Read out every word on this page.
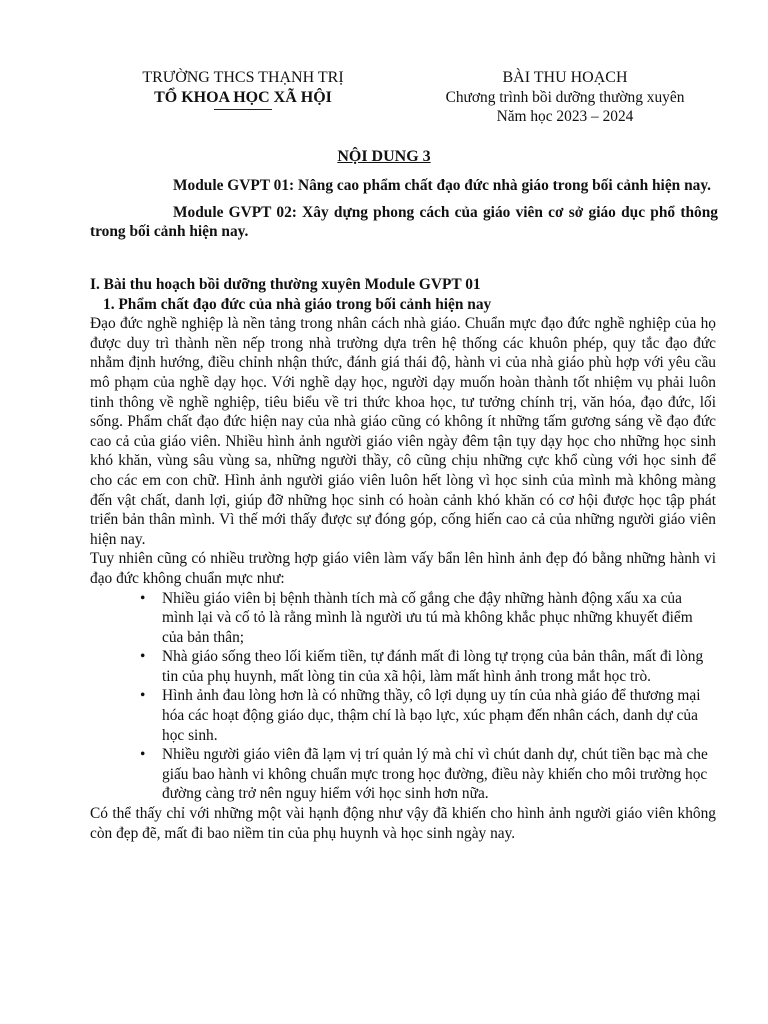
TRƯỜNG THCS THẠNH TRỊ
TỔ KHOA HỌC XÃ HỘI
BÀI THU HOẠCH
Chương trình bồi dưỡng thường xuyên
Năm học 2023 – 2024
NỘI DUNG 3

Module GVPT 01: Nâng cao phẩm chất đạo đức nhà giáo trong bối cảnh hiện nay.

Module GVPT 02: Xây dựng phong cách của giáo viên cơ sở giáo dục phổ thông trong bối cảnh hiện nay.

I. Bài thu hoạch bồi dưỡng thường xuyên Module GVPT 01
1. Phẩm chất đạo đức của nhà giáo trong bối cảnh hiện nay

Đạo đức nghề nghiệp là nền tảng trong nhân cách nhà giáo. Chuẩn mực đạo đức nghề nghiệp của họ được duy trì thành nền nếp trong nhà trường dựa trên hệ thống các khuôn phép, quy tắc đạo đức nhằm định hướng, điều chỉnh nhận thức, đánh giá thái độ, hành vi của nhà giáo phù hợp với yêu cầu mô phạm của nghề dạy học. Với nghề dạy học, người dạy muốn hoàn thành tốt nhiệm vụ phải luôn tinh thông về nghề nghiệp, tiêu biểu về tri thức khoa học, tư tưởng chính trị, văn hóa, đạo đức, lối sống. Phẩm chất đạo đức hiện nay của nhà giáo cũng có không ít những tấm gương sáng về đạo đức cao cả của giáo viên. Nhiều hình ảnh người giáo viên ngày đêm tận tụy dạy học cho những học sinh khó khăn, vùng sâu vùng sa, những người thầy, cô cũng chịu những cực khổ cùng với học sinh để cho các em con chữ. Hình ảnh người giáo viên luôn hết lòng vì học sinh của mình mà không màng đến vật chất, danh lợi, giúp đỡ những học sinh có hoàn cảnh khó khăn có cơ hội được học tập phát triển bản thân mình. Vì thế mới thấy được sự đóng góp, cống hiến cao cả của những người giáo viên hiện nay.

Tuy nhiên cũng có nhiều trường hợp giáo viên làm vấy bẩn lên hình ảnh đẹp đó bằng những hành vi đạo đức không chuẩn mực như:

• Nhiều giáo viên bị bệnh thành tích mà cố gắng che đậy những hành động xấu xa của mình lại và cố tỏ là rằng mình là người ưu tú mà không khắc phục những khuyết điểm của bản thân;
• Nhà giáo sống theo lối kiếm tiền, tự đánh mất đi lòng tự trọng của bản thân, mất đi lòng tin của phụ huynh, mất lòng tin của xã hội, làm mất hình ảnh trong mắt học trò.
• Hình ảnh đau lòng hơn là có những thầy, cô lợi dụng uy tín của nhà giáo để thương mại hóa các hoạt động giáo dục, thậm chí là bạo lực, xúc phạm đến nhân cách, danh dự của học sinh.
• Nhiều người giáo viên đã lạm vị trí quản lý mà chỉ vì chút danh dự, chút tiền bạc mà che giấu bao hành vi không chuẩn mực trong học đường, điều này khiến cho môi trường học đường càng trở nên nguy hiểm với học sinh hơn nữa.

Có thể thấy chỉ với những một vài hạnh động như vậy đã khiến cho hình ảnh người giáo viên không còn đẹp đẽ, mất đi bao niềm tin của phụ huynh và học sinh ngày nay.
